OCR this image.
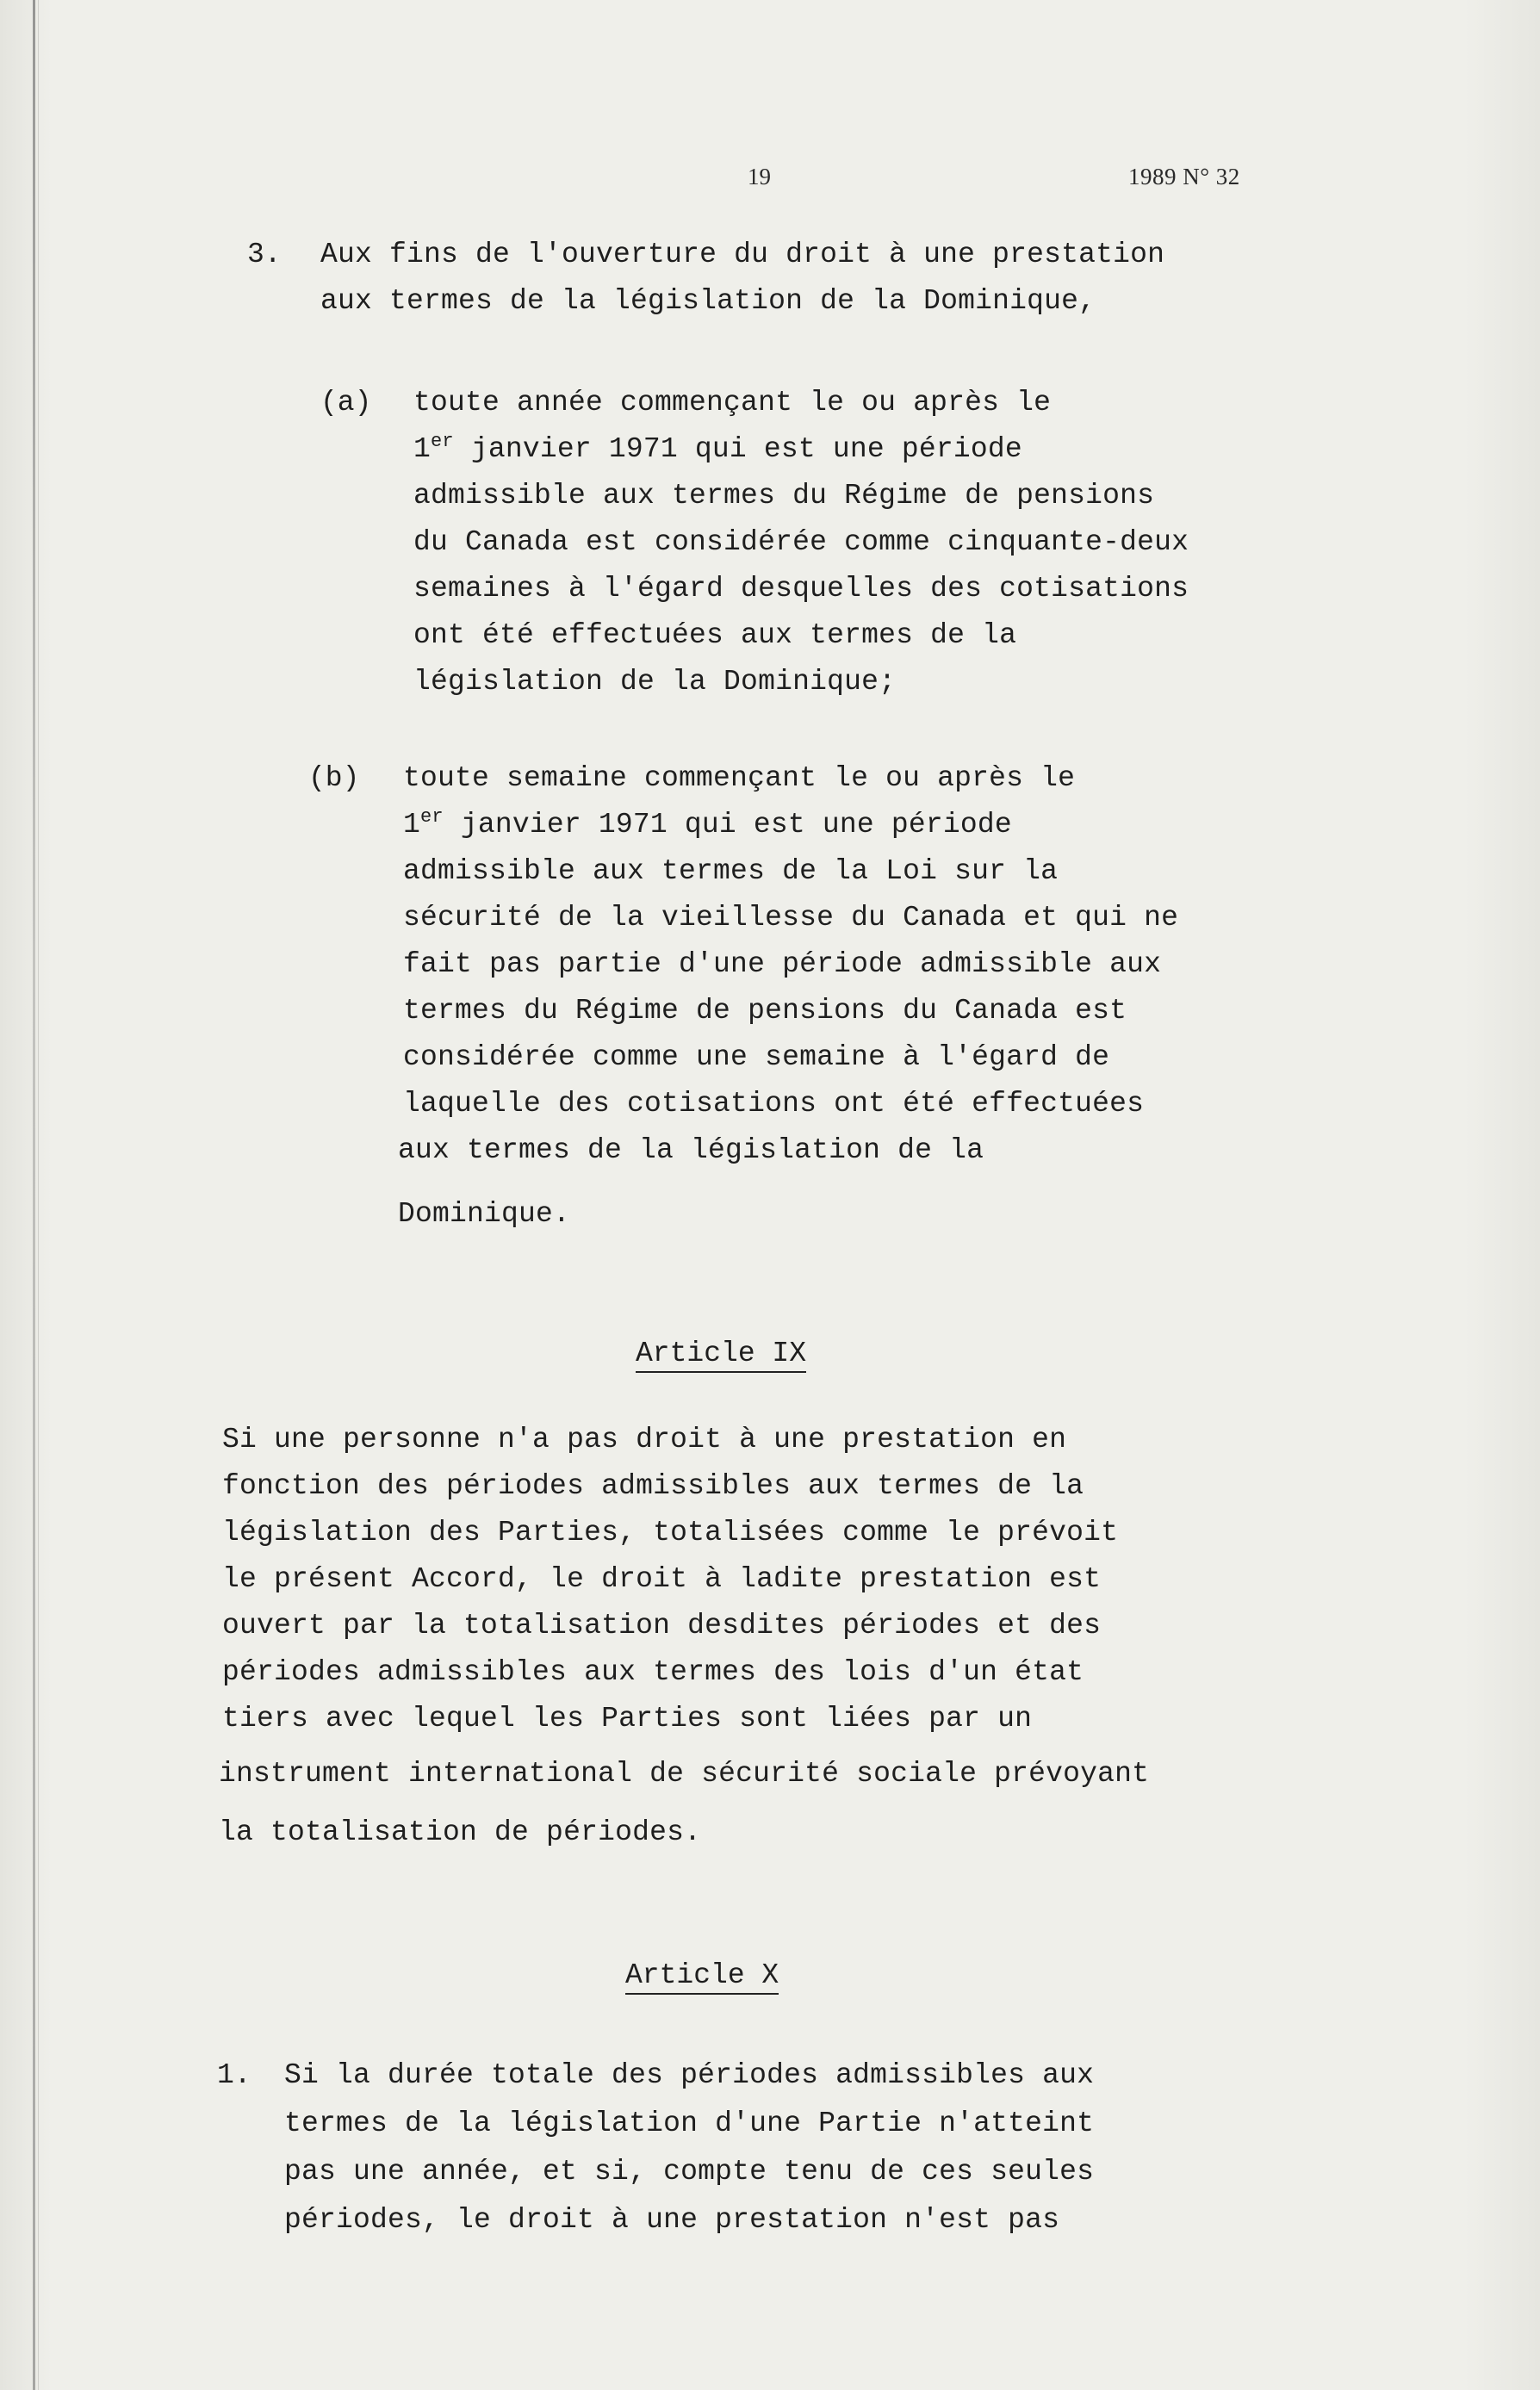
19	1989 N° 32
3. Aux fins de l'ouverture du droit à une prestation
aux termes de la législation de la Dominique,
(a) toute année commençant le ou après le
1er janvier 1971 qui est une période
admissible aux termes du Régime de pensions
du Canada est considérée comme cinquante-deux
semaines à l'égard desquelles des cotisations
ont été effectuées aux termes de la
législation de la Dominique;
(b) toute semaine commençant le ou après le
1er janvier 1971 qui est une période
admissible aux termes de la Loi sur la
sécurité de la vieillesse du Canada et qui ne
fait pas partie d'une période admissible aux
termes du Régime de pensions du Canada est
considérée comme une semaine à l'égard de
laquelle des cotisations ont été effectuées
aux termes de la législation de la
Dominique.
Article IX
Si une personne n'a pas droit à une prestation en
fonction des périodes admissibles aux termes de la
législation des Parties, totalisées comme le prévoit
le présent Accord, le droit à ladite prestation est
ouvert par la totalisation desdites périodes et des
périodes admissibles aux termes des lois d'un état
tiers avec lequel les Parties sont liées par un
instrument international de sécurité sociale prévoyant
la totalisation de périodes.
Article X
1. Si la durée totale des périodes admissibles aux
termes de la législation d'une Partie n'atteint
pas une année, et si, compte tenu de ces seules
périodes, le droit à une prestation n'est pas
